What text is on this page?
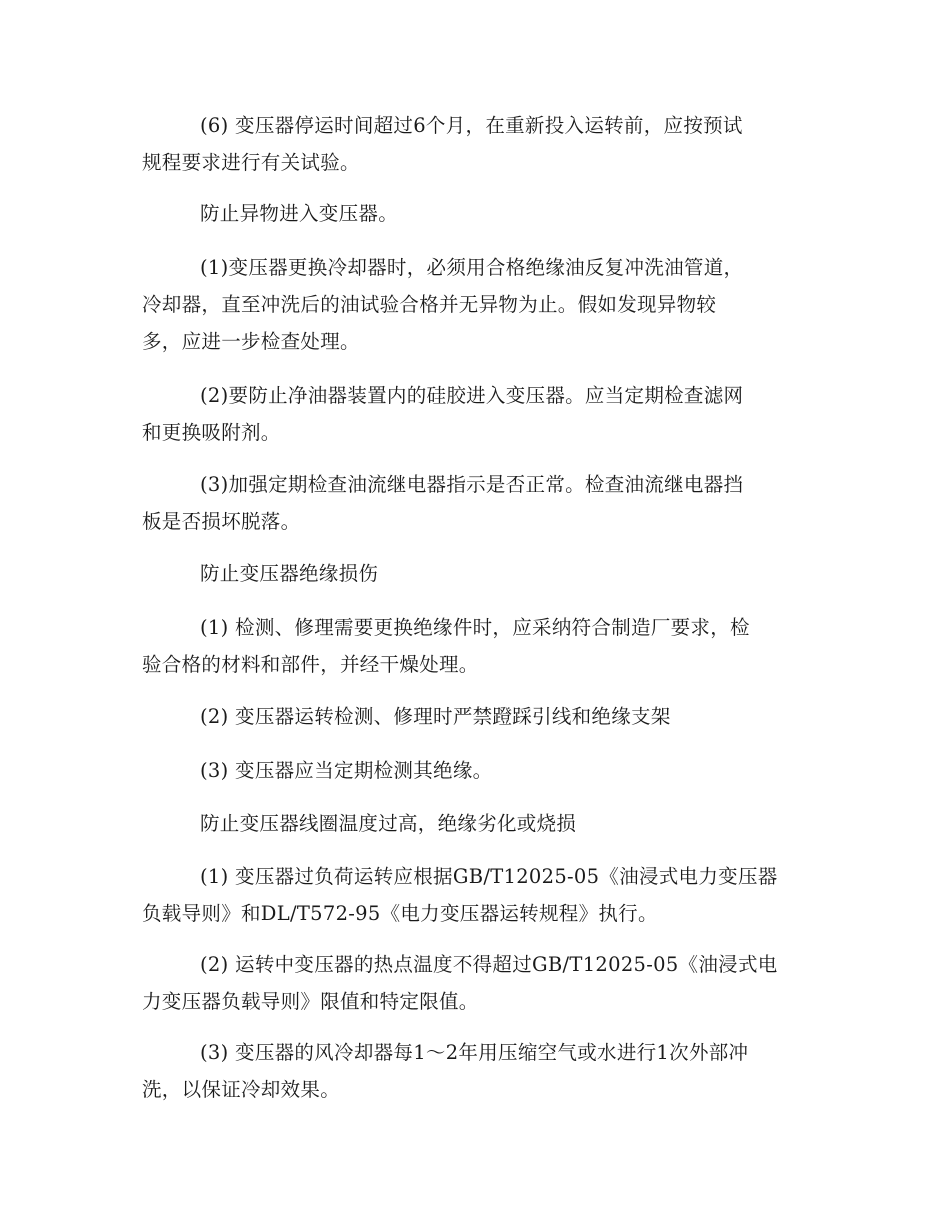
(6) 变压器停运时间超过6个月，在重新投入运转前，应按预试
规程要求进行有关试验。

防止异物进入变压器。

(1)变压器更换冷却器时，必须用合格绝缘油反复冲洗油管道，
冷却器，直至冲洗后的油试验合格并无异物为止。假如发现异物较
多，应进一步检查处理。

(2)要防止净油器装置内的硅胶进入变压器。应当定期检查滤网
和更换吸附剂。

(3)加强定期检查油流继电器指示是否正常。检查油流继电器挡
板是否损坏脱落。

防止变压器绝缘损伤

(1) 检测、修理需要更换绝缘件时，应采纳符合制造厂要求，检
验合格的材料和部件，并经干燥处理。

(2) 变压器运转检测、修理时严禁蹬踩引线和绝缘支架

(3) 变压器应当定期检测其绝缘。

防止变压器线圈温度过高，绝缘劣化或烧损

(1) 变压器过负荷运转应根据GB/T12025-05《油浸式电力变压器
负载导则》和DL/T572-95《电力变压器运转规程》执行。

(2) 运转中变压器的热点温度不得超过GB/T12025-05《油浸式电
力变压器负载导则》限值和特定限值。

(3) 变压器的风冷却器每1～2年用压缩空气或水进行1次外部冲
洗，以保证冷却效果。
